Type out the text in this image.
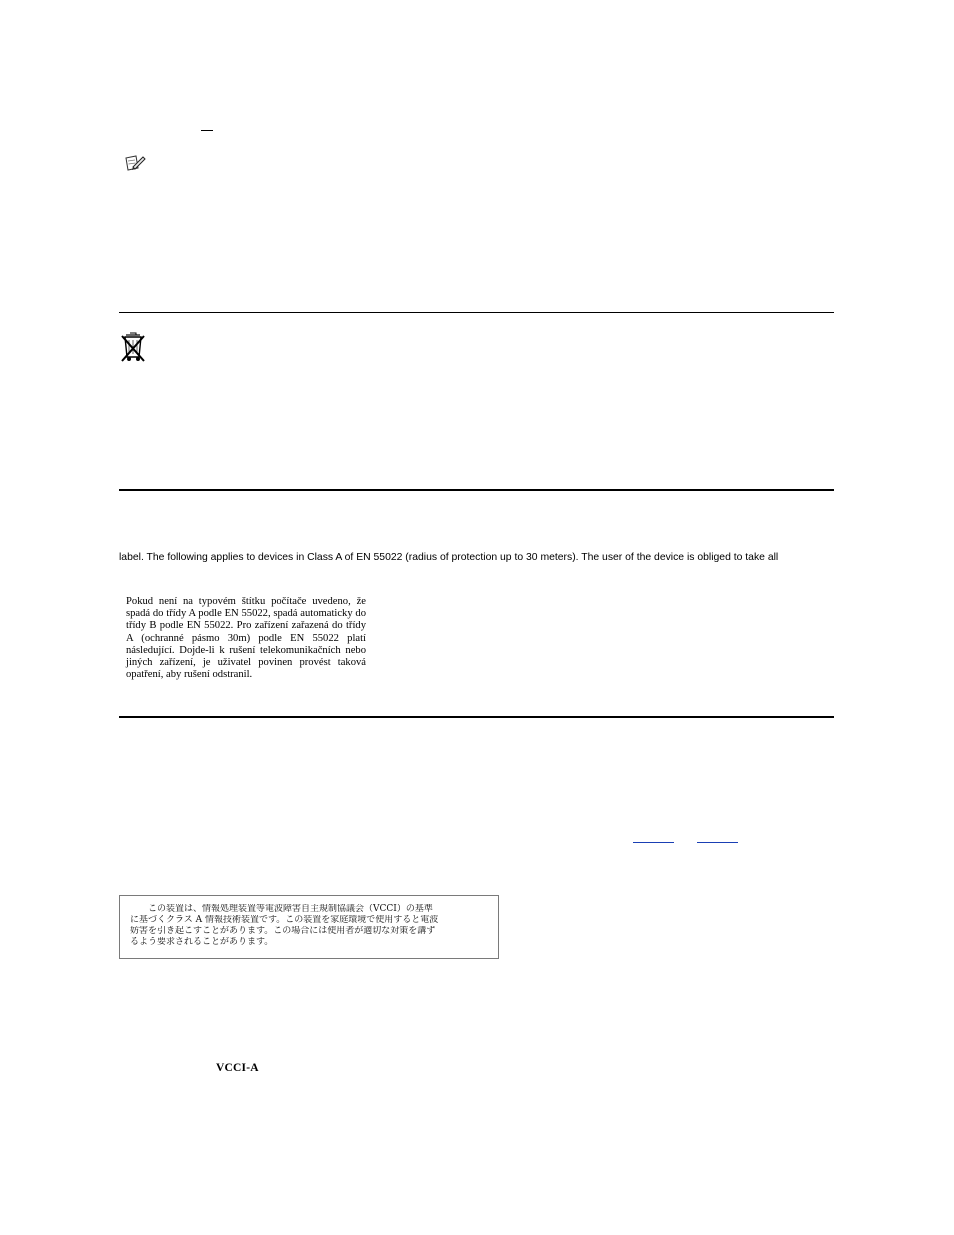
label. The following applies to devices in Class A of EN 55022 (radius of protection up to 30 meters). The user of the device is obliged to take all
Pokud není na typovém štítku počítače uvedeno, že spadá do třídy A podle EN 55022, spadá automaticky do třídy B podle EN 55022. Pro zařízení zařazená do třídy A (ochranné pásmo 30m) podle EN 55022 platí následující. Dojde-li k rušení telekomunikačních nebo jiných zařízení, je uživatel povinen provést taková opatření, aby rušení odstranil.
この装置は、情報処理装置等電波障害自主規制協議会（VCCI）の基準
に基づくクラス A 情報技術装置です。この装置を家庭環境で使用すると電波
妨害を引き起こすことがあります。この場合には使用者が適切な対策を講ず
るよう要求されることがあります。
VCCI-A
